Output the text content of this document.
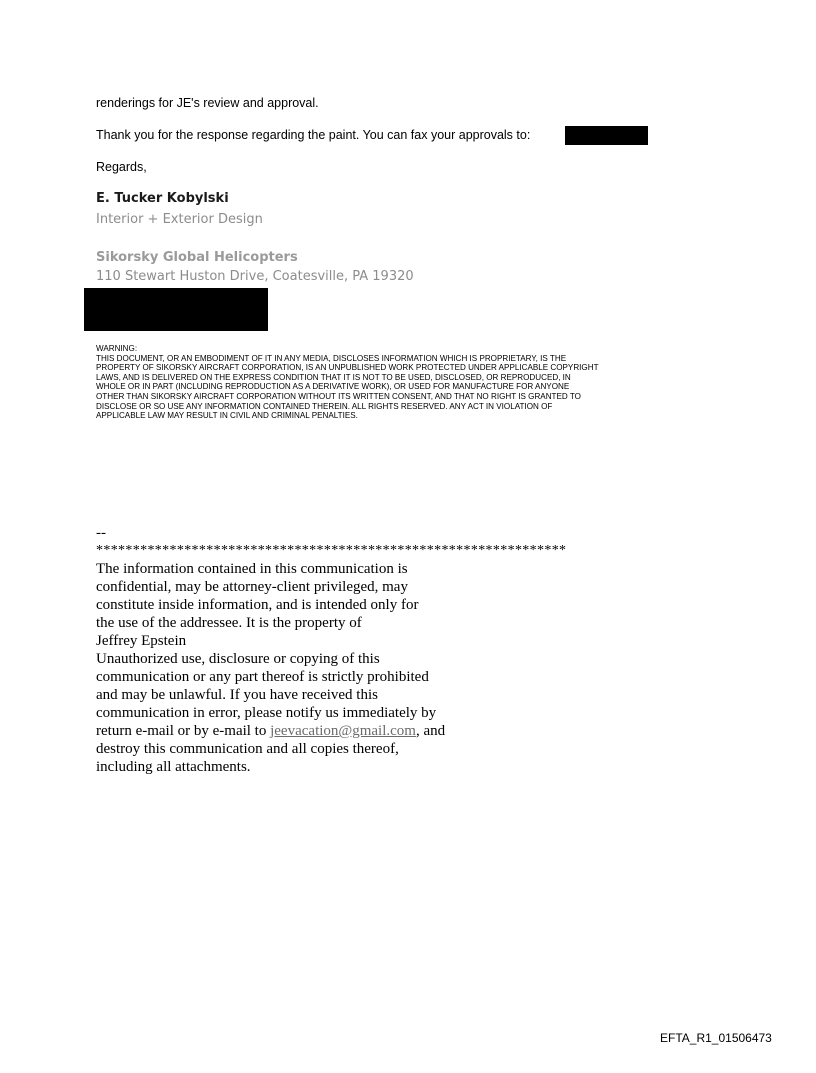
renderings for JE's review and approval.
Thank you for the response regarding the paint. You can fax your approvals to:
Regards,
E. Tucker Kobylski
Interior + Exterior Design
Sikorsky Global Helicopters
110 Stewart Huston Drive, Coatesville, PA 19320
WARNING:
THIS DOCUMENT, OR AN EMBODIMENT OF IT IN ANY MEDIA, DISCLOSES INFORMATION WHICH IS PROPRIETARY, IS THE
PROPERTY OF SIKORSKY AIRCRAFT CORPORATION, IS AN UNPUBLISHED WORK PROTECTED UNDER APPLICABLE COPYRIGHT
LAWS, AND IS DELIVERED ON THE EXPRESS CONDITION THAT IT IS NOT TO BE USED, DISCLOSED, OR REPRODUCED, IN
WHOLE OR IN PART (INCLUDING REPRODUCTION AS A DERIVATIVE WORK), OR USED FOR MANUFACTURE FOR ANYONE
OTHER THAN SIKORSKY AIRCRAFT CORPORATION WITHOUT ITS WRITTEN CONSENT, AND THAT NO RIGHT IS GRANTED TO
DISCLOSE OR SO USE ANY INFORMATION CONTAINED THEREIN. ALL RIGHTS RESERVED. ANY ACT IN VIOLATION OF
APPLICABLE LAW MAY RESULT IN CIVIL AND CRIMINAL PENALTIES.
--
****************************************************************
The information contained in this communication is
confidential, may be attorney-client privileged, may
constitute inside information, and is intended only for
the use of the addressee. It is the property of
Jeffrey Epstein
Unauthorized use, disclosure or copying of this
communication or any part thereof is strictly prohibited
and may be unlawful. If you have received this
communication in error, please notify us immediately by
return e-mail or by e-mail to jeevacation@gmail.com, and
destroy this communication and all copies thereof,
including all attachments.
EFTA_R1_01506473
